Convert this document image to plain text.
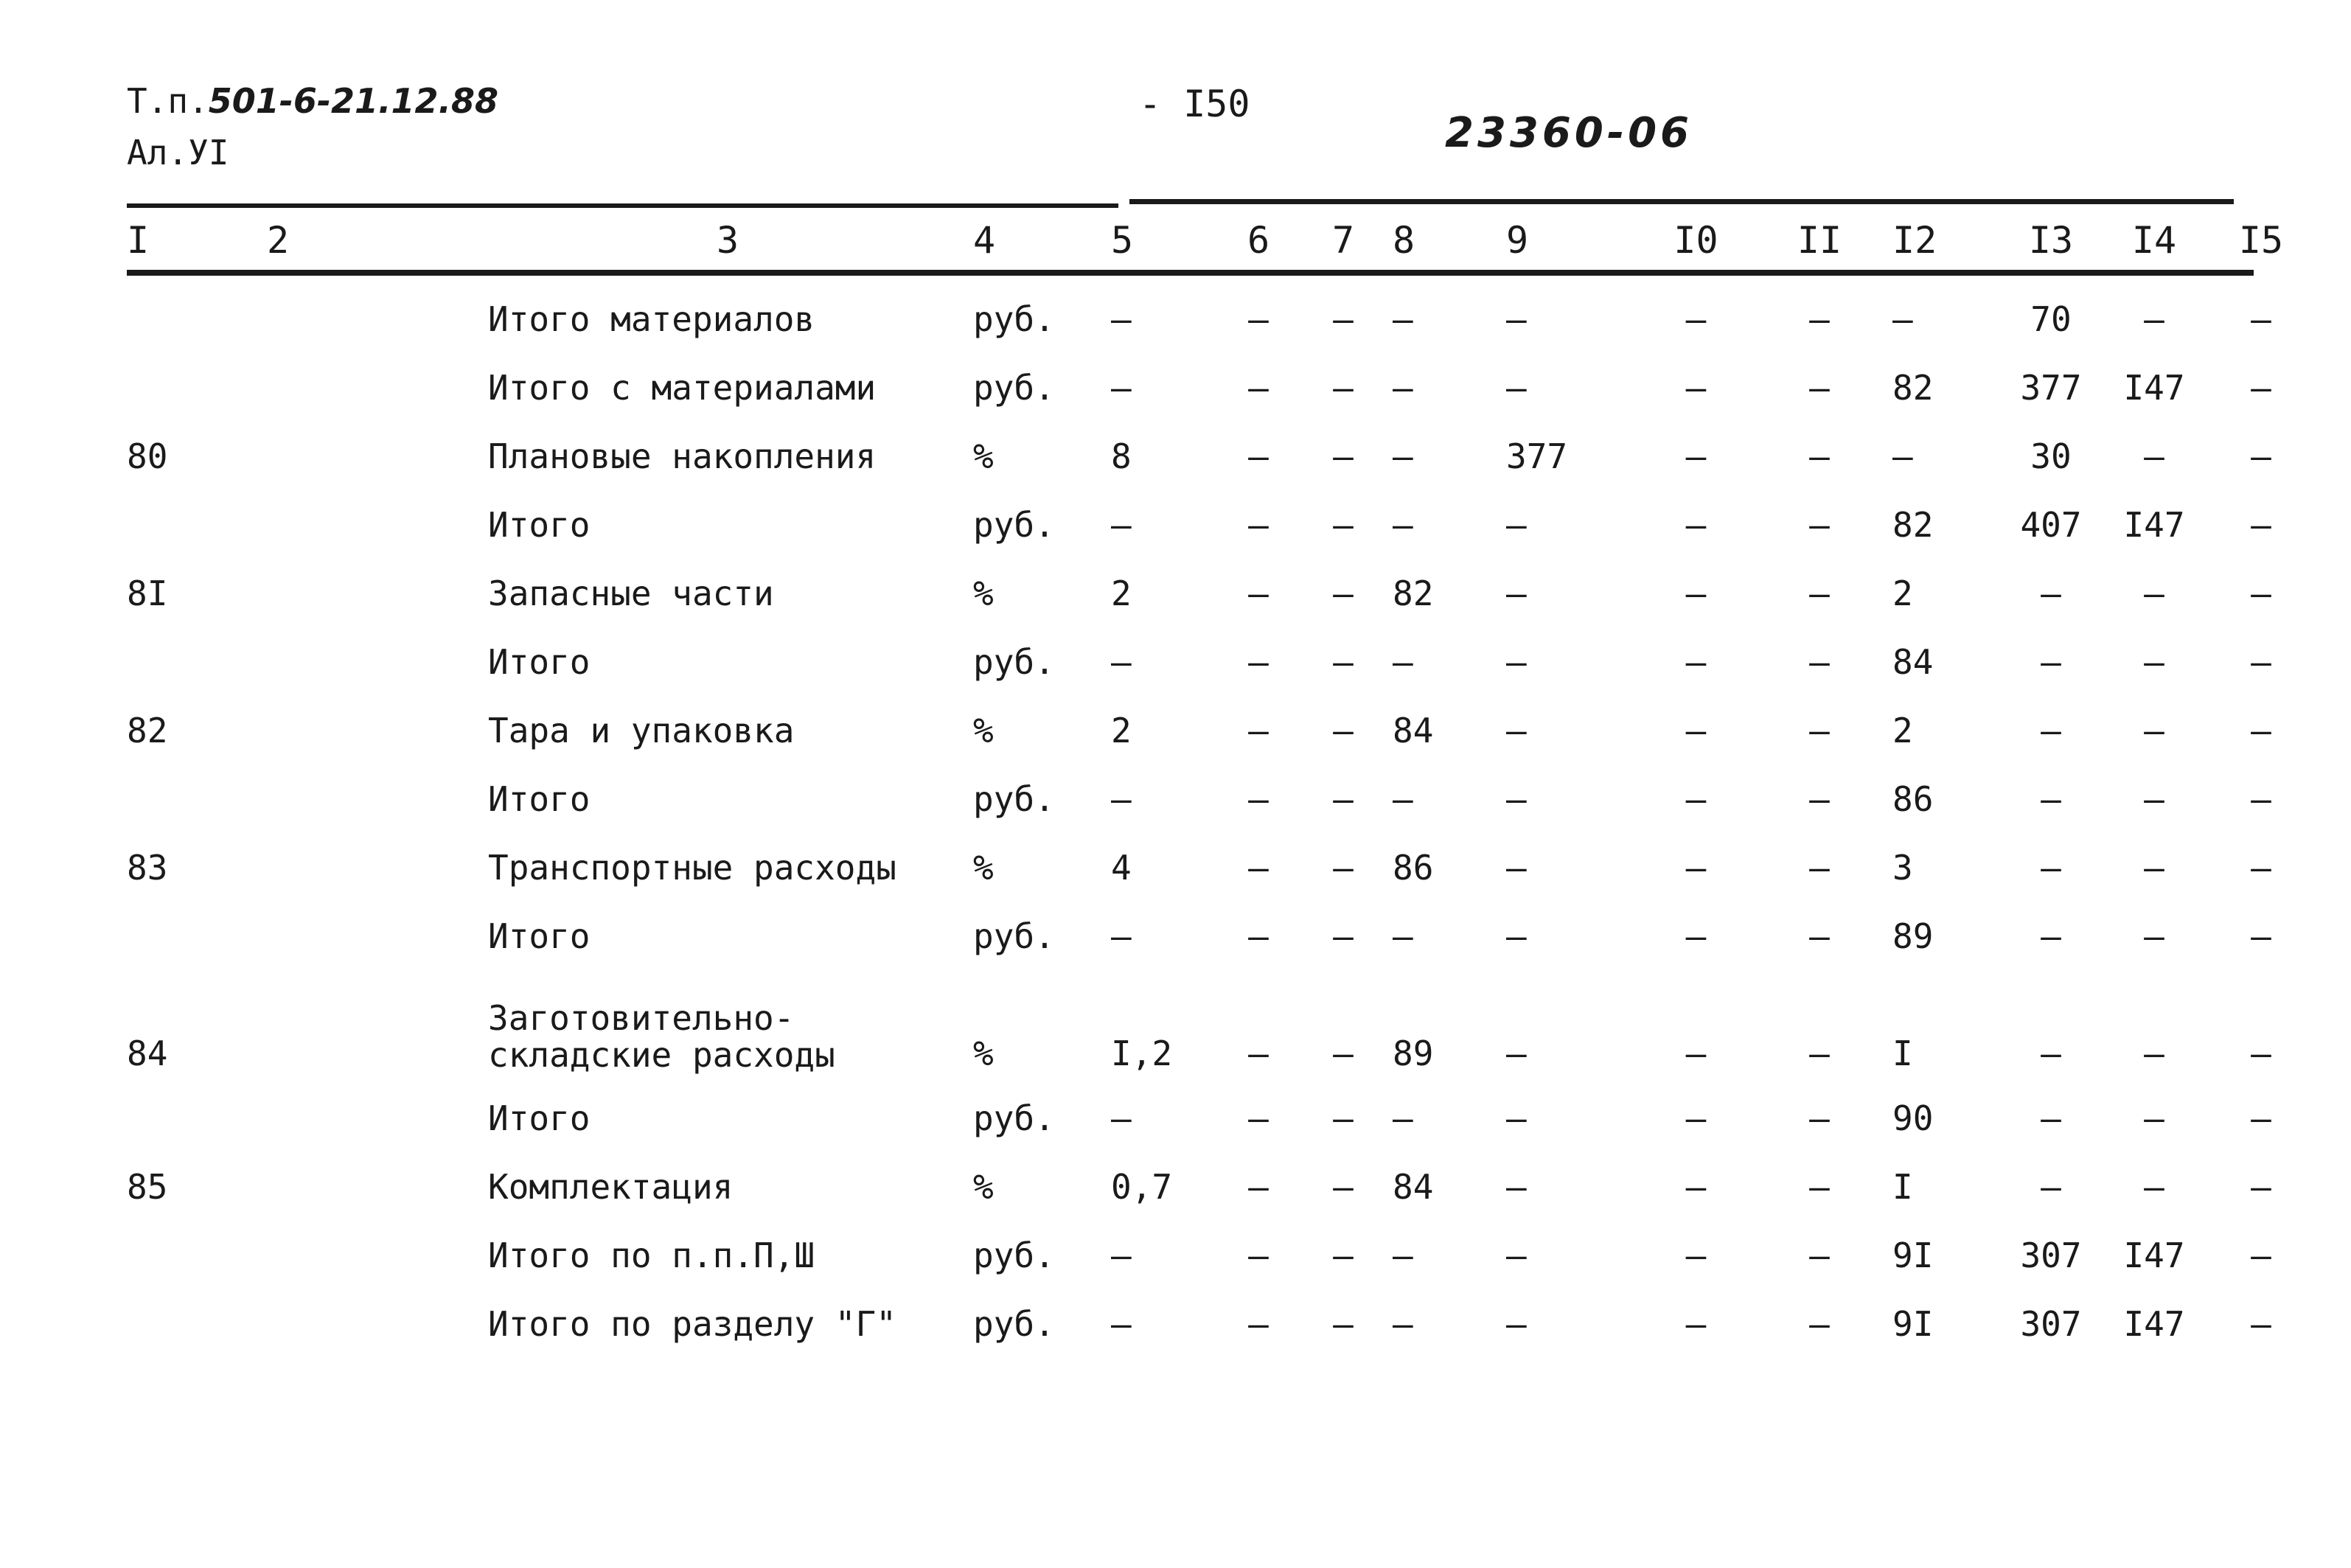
Т.п.501-6-21.12.88
Ал.УI
- I50
23360-06
I	2	3	4	5	6	7	8	9	I0	II	I2	I3	I4	I5

		Итого материалов	руб.	–	–	–	–	–	–	–	–	70	–	–
		Итого с материалами	руб.	–	–	–	–	–	–	–	82	377	I47	–
80		Плановые накопления	%	8	–	–	–	377	–	–	–	30	–	–
		Итого	руб.	–	–	–	–	–	–	–	82	407	I47	–
8I		Запасные части	%	2	–	–	82	–	–	–	2	–	–	–
		Итого	руб.	–	–	–	–	–	–	–	84	–	–	–
82		Тара и упаковка	%	2	–	–	84	–	–	–	2	–	–	–
		Итого	руб.	–	–	–	–	–	–	–	86	–	–	–
83		Транспортные расходы	%	4	–	–	86	–	–	–	3	–	–	–
		Итого	руб.	–	–	–	–	–	–	–	89	–	–	–
84		Заготовительно-
складские расходы	%	I,2	–	–	89	–	–	–	I	–	–	–
		Итого	руб.	–	–	–	–	–	–	–	90	–	–	–
85		Комплектация	%	0,7	–	–	84	–	–	–	I	–	–	–
		Итого по п.п.П,Ш	руб.	–	–	–	–	–	–	–	9I	307	I47	–
		Итого по разделу "Г"	руб.	–	–	–	–	–	–	–	9I	307	I47	–
